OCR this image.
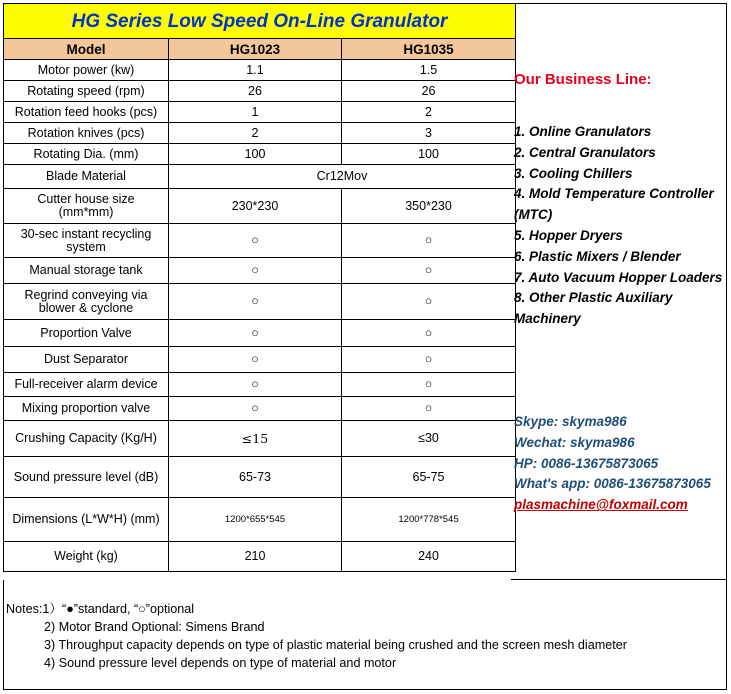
HG Series Low Speed On-Line Granulator		
Model	HG1023	HG1035
Motor power (kw)	1.1	1.5
Rotating speed (rpm)	26	26
Rotation feed hooks (pcs)	1	2
Rotation knives (pcs)	2	3
Rotating Dia. (mm)	100	100
Blade Material	Cr12Mov	

Cutter house size
(mm*mm)	230*230	350*230

30-sec instant recycling
system	○	○
Manual storage tank	○	○

Regrind conveying via
blower & cyclone	○	○
Proportion Valve	○	○
Dust Separator	○	○
Full-receiver alarm device	○	○
Mixing proportion valve	○	○
Crushing Capacity (Kg/H)	≤15	≤30
Sound pressure level (dB)	65-73	65-75
Dimensions (L*W*H) (mm)	1200*655*545	1200*778*545
Weight (kg)	210	240
Our Business Line:
1. Online Granulators
2. Central Granulators
3. Cooling Chillers
4. Mold Temperature Controller (MTC)
5. Hopper Dryers
6. Plastic Mixers / Blender
7. Auto Vacuum Hopper Loaders
8. Other Plastic Auxiliary Machinery
Skype: skyma986
Wechat: skyma986
HP: 0086-13675873065
What's app: 0086-13675873065
plasmachine@foxmail.com
Notes:1）“●”standard, “○”optional
2) Motor Brand Optional: Simens Brand
3) Throughput capacity depends on type of plastic material being crushed and the screen mesh diameter
4) Sound pressure level depends on type of material and motor
